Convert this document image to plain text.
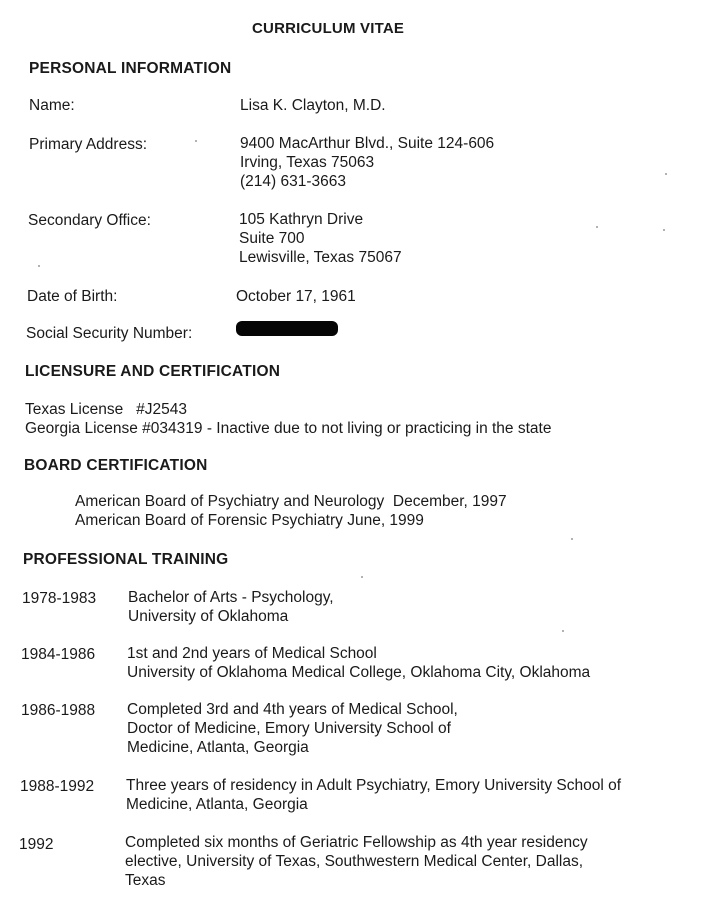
CURRICULUM VITAE
PERSONAL INFORMATION
Name:	Lisa K. Clayton, M.D.
Primary Address:	9400 MacArthur Blvd., Suite 124-606
Irving, Texas 75063
(214) 631-3663
Secondary Office:	105 Kathryn Drive
Suite 700
Lewisville, Texas 75067
Date of Birth:	October 17, 1961
Social Security Number:
LICENSURE AND CERTIFICATION
Texas License   #J2543
Georgia License #034319 - Inactive due to not living or practicing in the state
BOARD CERTIFICATION
American Board of Psychiatry and Neurology  December, 1997
American Board of Forensic Psychiatry June, 1999
PROFESSIONAL TRAINING
1978-1983 Bachelor of Arts - Psychology,
University of Oklahoma
1984-1986 1st and 2nd years of Medical School
University of Oklahoma Medical College, Oklahoma City, Oklahoma
1986-1988 Completed 3rd and 4th years of Medical School,
Doctor of Medicine, Emory University School of
Medicine, Atlanta, Georgia
1988-1992 Three years of residency in Adult Psychiatry, Emory University School of
Medicine, Atlanta, Georgia
1992	Completed six months of Geriatric Fellowship as 4th year residency
elective, University of Texas, Southwestern Medical Center, Dallas,
Texas
